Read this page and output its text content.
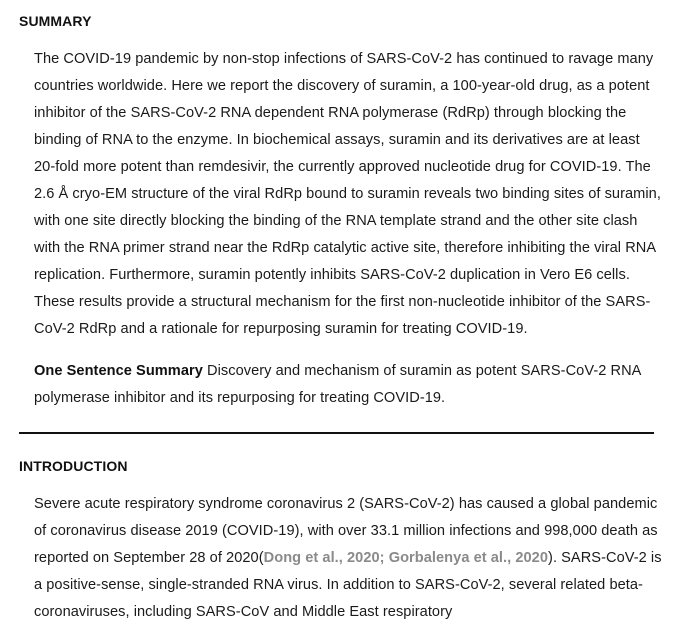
SUMMARY

The COVID-19 pandemic by non-stop infections of SARS-CoV-2 has continued to ravage many countries worldwide. Here we report the discovery of suramin, a 100-year-old drug, as a potent inhibitor of the SARS-CoV-2 RNA dependent RNA polymerase (RdRp) through blocking the binding of RNA to the enzyme. In biochemical assays, suramin and its derivatives are at least 20-fold more potent than remdesivir, the currently approved nucleotide drug for COVID-19. The 2.6 Å cryo-EM structure of the viral RdRp bound to suramin reveals two binding sites of suramin, with one site directly blocking the binding of the RNA template strand and the other site clash with the RNA primer strand near the RdRp catalytic active site, therefore inhibiting the viral RNA replication. Furthermore, suramin potently inhibits SARS-CoV-2 duplication in Vero E6 cells. These results provide a structural mechanism for the first non-nucleotide inhibitor of the SARS-CoV-2 RdRp and a rationale for repurposing suramin for treating COVID-19.

One Sentence Summary Discovery and mechanism of suramin as potent SARS-CoV-2 RNA polymerase inhibitor and its repurposing for treating COVID-19.

INTRODUCTION

Severe acute respiratory syndrome coronavirus 2 (SARS-CoV-2) has caused a global pandemic of coronavirus disease 2019 (COVID-19), with over 33.1 million infections and 998,000 death as reported on September 28 of 2020(Dong et al., 2020; Gorbalenya et al., 2020). SARS-CoV-2 is a positive-sense, single-stranded RNA virus. In addition to SARS-CoV-2, several related beta-coronaviruses, including SARS-CoV and Middle East respiratory
